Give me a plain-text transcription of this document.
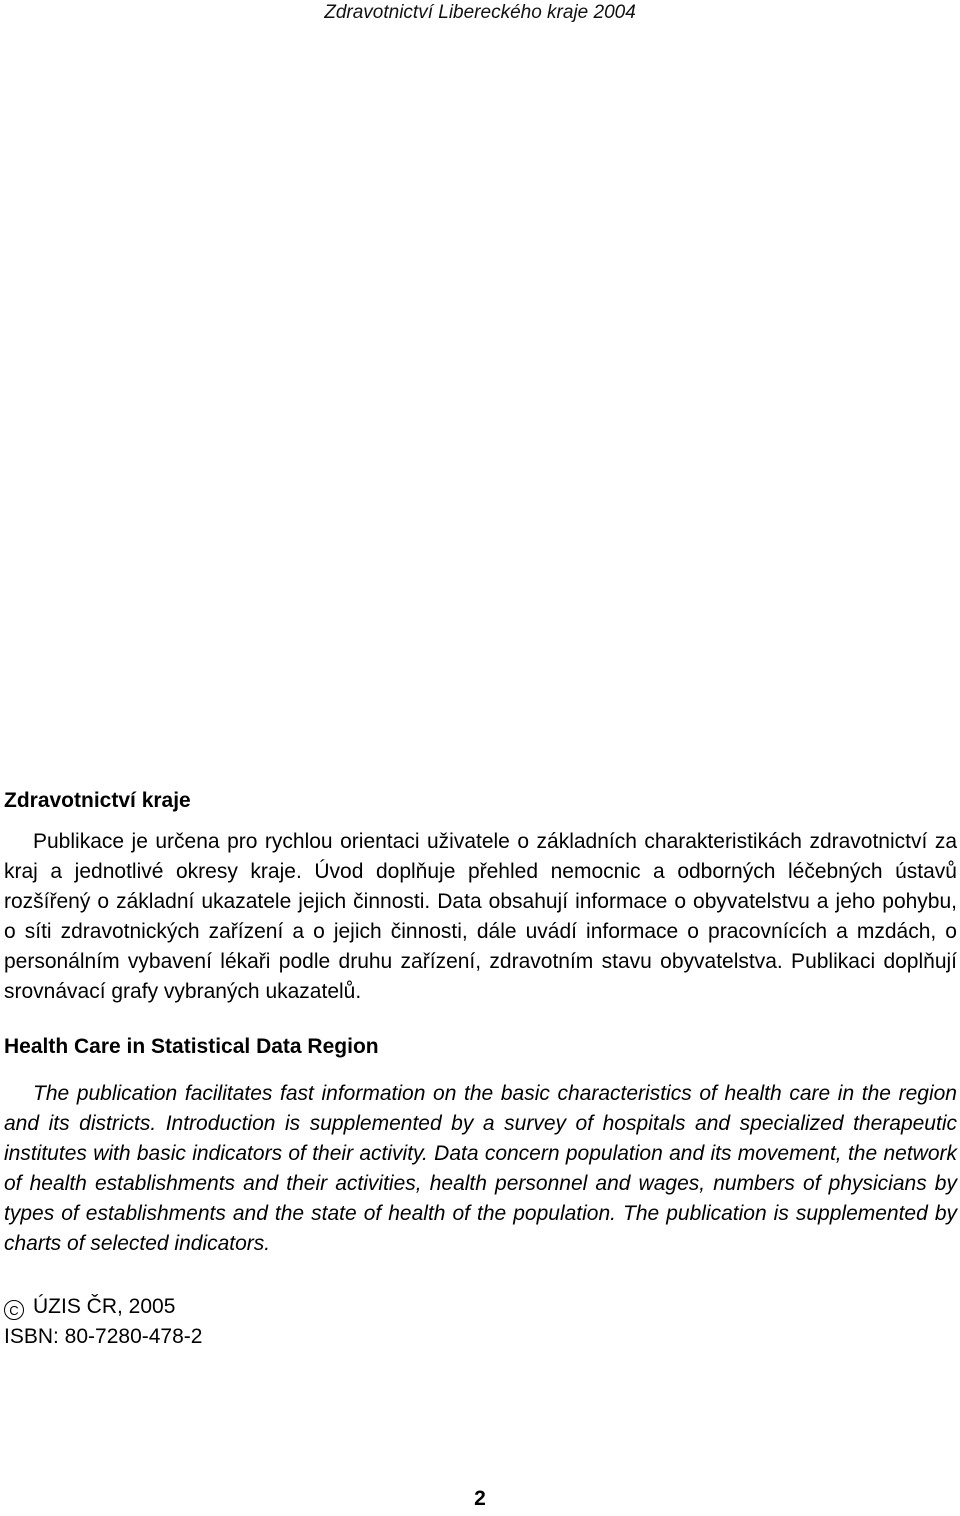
Zdravotnictví Libereckého kraje 2004
Zdravotnictví kraje

Publikace je určena pro rychlou orientaci uživatele o základních charakteristikách zdravotnictví za kraj a jednotlivé okresy kraje. Úvod doplňuje přehled nemocnic a odborných léčebných ústavů rozšířený o základní ukazatele jejich činnosti. Data obsahují informace o obyvatelstvu a jeho pohybu, o síti zdravotnických zařízení a o jejich činnosti, dále uvádí informace o pracovnících a mzdách, o personálním vybavení lékaři podle druhu zařízení, zdravotním stavu obyvatelstva. Publikaci doplňují srovnávací grafy vybraných ukazatelů.

Health Care in Statistical Data Region

The publication facilitates fast information on the basic characteristics of health care in the region and its districts. Introduction is supplemented by a survey of hospitals and specialized therapeutic institutes with basic indicators of their activity. Data concern population and its movement, the network of health establishments and their activities, health personnel and wages, numbers of physicians by types of establishments and the state of health of the population. The publication is supplemented by charts of selected indicators.

C ÚZIS ČR, 2005
ISBN: 80-7280-478-2
2
